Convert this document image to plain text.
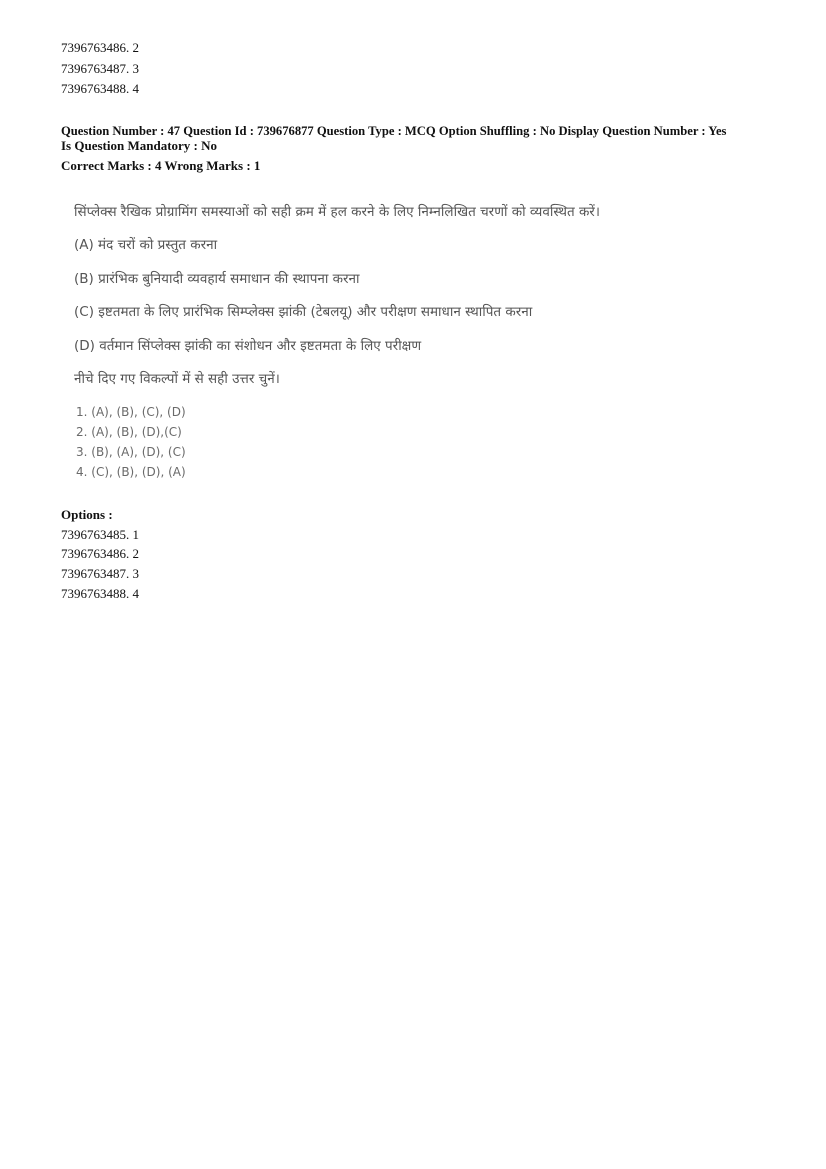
7396763486. 2
7396763487. 3
7396763488. 4
Question Number : 47 Question Id : 739676877 Question Type : MCQ Option Shuffling : No Display Question Number : Yes
Is Question Mandatory : No
Correct Marks : 4 Wrong Marks : 1
सिंप्लेक्स रैखिक प्रोग्रामिंग समस्याओं को सही क्रम में हल करने के लिए निम्नलिखित चरणों को व्यवस्थित करें।
(A) मंद चरों को प्रस्तुत करना
(B) प्रारंभिक बुनियादी व्यवहार्य समाधान की स्थापना करना
(C) इष्टतमता के लिए प्रारंभिक सिम्प्लेक्स झांकी (टेबलयू) और परीक्षण समाधान स्थापित करना
(D) वर्तमान सिंप्लेक्स झांकी का संशोधन और इष्टतमता के लिए परीक्षण
नीचे दिए गए विकल्पों में से सही उत्तर चुनें।
1. (A), (B), (C), (D)
2. (A), (B), (D),(C)
3. (B), (A), (D), (C)
4. (C), (B), (D), (A)
Options :
7396763485. 1
7396763486. 2
7396763487. 3
7396763488. 4
